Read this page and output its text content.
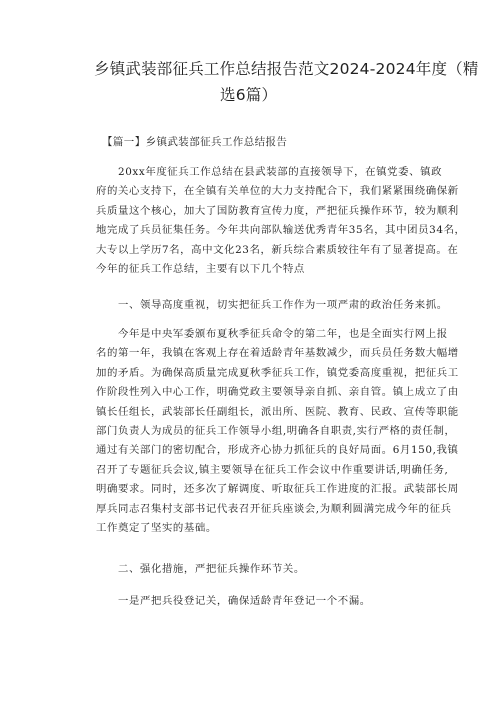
乡镇武装部征兵工作总结报告范文2024-2024年度（精
选6篇）
【篇一】乡镇武装部征兵工作总结报告
　　20xx年度征兵工作总结在县武装部的直接领导下，在镇党委、镇政
府的关心支持下，在全镇有关单位的大力支持配合下，我们紧紧围绕确保新
兵质量这个核心，加大了国防教育宣传力度，严把征兵操作环节，较为顺利
地完成了兵员征集任务。今年共向部队输送优秀青年35名，其中团员34名，
大专以上学历7名，高中文化23名，新兵综合素质较往年有了显著提高。在
今年的征兵工作总结，主要有以下几个特点
　　一、领导高度重视，切实把征兵工作作为一项严肃的政治任务来抓。
　　今年是中央军委颁布夏秋季征兵命令的第二年，也是全面实行网上报
名的第一年，我镇在客观上存在着适龄青年基数减少，而兵员任务数大幅增
加的矛盾。为确保高质量完成夏秋季征兵工作，镇党委高度重视，把征兵工
作阶段性列入中心工作，明确党政主要领导亲自抓、亲自管。镇上成立了由
镇长任组长，武装部长任副组长，派出所、医院、教育、民政、宣传等职能
部门负责人为成员的征兵工作领导小组,明确各自职责,实行严格的责任制，
通过有关部门的密切配合，形成齐心协力抓征兵的良好局面。6月150,我镇
召开了专题征兵会议,镇主要领导在征兵工作会议中作重要讲话,明确任务,
明确要求。同时，还多次了解调度、听取征兵工作进度的汇报。武装部长周
厚兵同志召集村支部书记代表召开征兵座谈会,为顺利圆满完成今年的征兵
工作奠定了坚实的基础。
　　二、强化措施，严把征兵操作环节关。
　　一是严把兵役登记关，确保适龄青年登记一个不漏。
